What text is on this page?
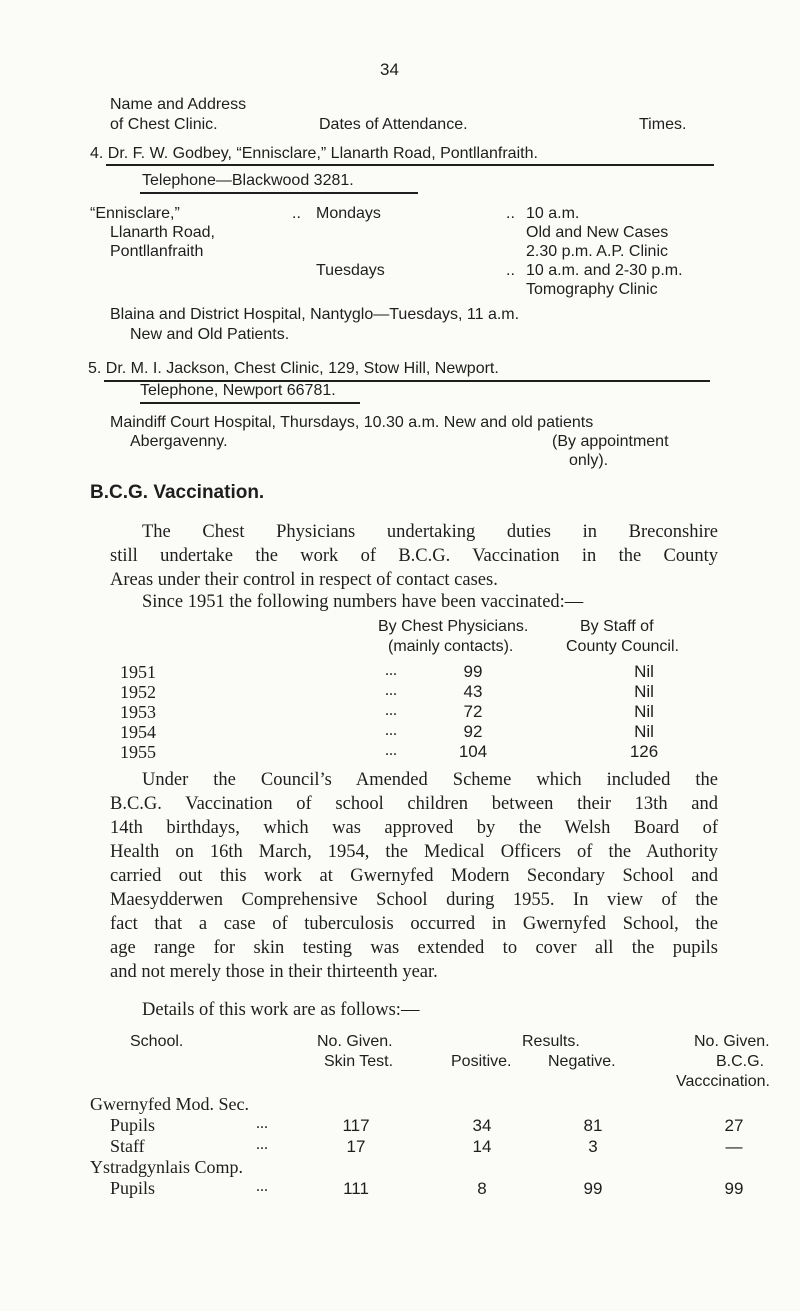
34
Name and Address
of Chest Clinic.	Dates of Attendance.	Times.
4. Dr. F. W. Godbey, “Ennisclare,” Llanarth Road, Pontllanfraith.
Telephone—Blackwood 3281.
“Ennisclare,”
Llanarth Road,
Pontllanfraith
.. Mondays	.. 10 a.m.
Old and New Cases
2.30 p.m. A.P. Clinic
Tuesdays	.. 10 a.m. and 2-30 p.m.
Tomography Clinic
Blaina and District Hospital, Nantyglo—Tuesdays, 11 a.m.
New and Old Patients.
5. Dr. M. I. Jackson, Chest Clinic, 129, Stow Hill, Newport.
Telephone, Newport 66781.
Maindiff Court Hospital, Thursdays, 10.30 a.m. New and old patients
Abergavenny.	(By appointment
only).
B.C.G. Vaccination.
The Chest Physicians undertaking duties in Breconshire
still undertake the work of B.C.G. Vaccination in the County
Areas under their control in respect of contact cases.
Since 1951 the following numbers have been vaccinated:—
By Chest Physicians.
(mainly contacts).
By Staff of
County Council.
1951	...	99	Nil
1952	...	43	Nil
1953	...	72	Nil
1954	...	92	Nil
1955	...	104	126
Under the Council’s Amended Scheme which included the
B.C.G. Vaccination of school children between their 13th and
14th birthdays, which was approved by the Welsh Board of
Health on 16th March, 1954, the Medical Officers of the Authority
carried out this work at Gwernyfed Modern Secondary School and
Maesydderwen Comprehensive School during 1955. In view of the
fact that a case of tuberculosis occurred in Gwernyfed School, the
age range for skin testing was extended to cover all the pupils
and not merely those in their thirteenth year.
Details of this work are as follows:—
School.	No. Given.
Skin Test.
Results.
Positive. Negative.
No. Given.
B.C.G.
Vacccination.
Gwernyfed Mod. Sec.
Pupils	...	117	34	81	27
Staff	...	17	14	3	—
Ystradgynlais Comp.
Pupils	...	111	8	99	99
